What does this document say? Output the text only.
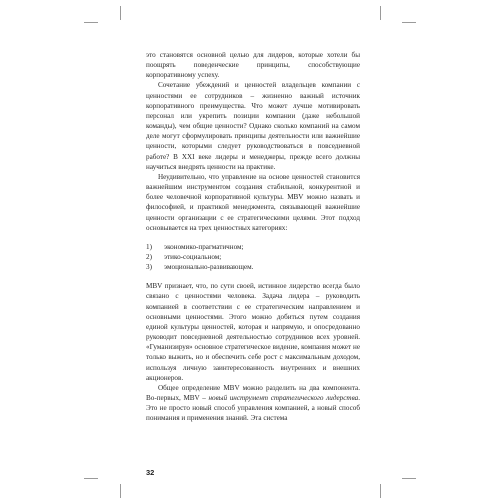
это становятся основной целью для лидеров, которые хотели бы поощрять поведенческие принципы, способствующие корпоративному успеху.

Сочетание убеждений и ценностей владельцев компании с ценностями ее сотрудников – жизненно важный источник корпоративного преимущества. Что может лучше мотивировать персонал или укрепить позиции компании (даже небольшой команды), чем общие ценности? Однако сколько компаний на самом деле могут сформулировать принципы деятельности или важнейшие ценности, которыми следует руководствоваться в повседневной работе? В XXI веке лидеры и менеджеры, прежде всего должны научиться внедрять ценности на практике.

Неудивительно, что управление на основе ценностей становится важнейшим инструментом создания стабильной, конкурентной и более человечной корпоративной культуры. MBV можно назвать и философией, и практикой менеджмента, связывающей важнейшие ценности организации с ее стратегическими целями. Этот подход основывается на трех ценностных категориях:

1)	экономико-прагматичном;
2)	этико-социальном;
3)	эмоционально-развивающем.

MBV признает, что, по сути своей, истинное лидерство всегда было связано с ценностями человека. Задача лидера – руководить компанией в соответствии с ее стратегическим направлением и основными ценностями. Этого можно добиться путем создания единой культуры ценностей, которая и напрямую, и опосредованно руководит повседневной деятельностью сотрудников всех уровней. «Гуманизируя» основное стратегическое видение, компания может не только выжить, но и обеспечить себе рост с максимальным доходом, используя личную заинтересованность внутренних и внешних акционеров.

Общее определение MBV можно разделить на два компонента. Во-первых, MBV – новый инструмент стратегического лидерства. Это не просто новый способ управления компанией, а новый способ понимания и применения знаний. Эта система

32
